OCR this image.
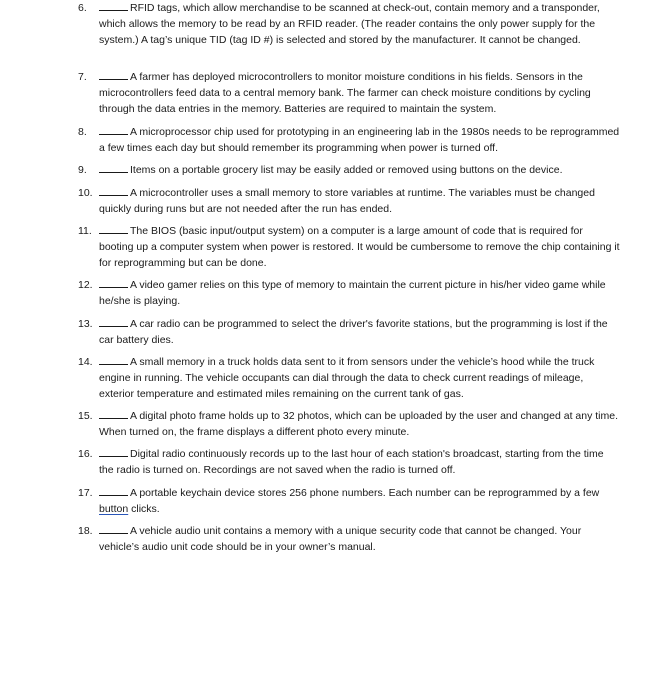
6.	RFID tags, which allow merchandise to be scanned at check-out, contain memory and a transponder, which allows the memory to be read by an RFID reader. (The reader contains the only power supply for the system.) A tag’s unique TID (tag ID #) is selected and stored by the manufacturer. It cannot be changed.
7.	A farmer has deployed microcontrollers to monitor moisture conditions in his fields. Sensors in the microcontrollers feed data to a central memory bank. The farmer can check moisture conditions by cycling through the data entries in the memory. Batteries are required to maintain the system.
8.	A microprocessor chip used for prototyping in an engineering lab in the 1980s needs to be reprogrammed a few times each day but should remember its programming when power is turned off.
9.	Items on a portable grocery list may be easily added or removed using buttons on the device.
10.	A microcontroller uses a small memory to store variables at runtime. The variables must be changed quickly during runs but are not needed after the run has ended.
11.	The BIOS (basic input/output system) on a computer is a large amount of code that is required for booting up a computer system when power is restored. It would be cumbersome to remove the chip containing it for reprogramming but can be done.
12.	A video gamer relies on this type of memory to maintain the current picture in his/her video game while he/she is playing.
13.	A car radio can be programmed to select the driver's favorite stations, but the programming is lost if the car battery dies.
14.	A small memory in a truck holds data sent to it from sensors under the vehicle’s hood while the truck engine in running. The vehicle occupants can dial through the data to check current readings of mileage, exterior temperature and estimated miles remaining on the current tank of gas.
15.	A digital photo frame holds up to 32 photos, which can be uploaded by the user and changed at any time. When turned on, the frame displays a different photo every minute.
16.	Digital radio continuously records up to the last hour of each station's broadcast, starting from the time the radio is turned on. Recordings are not saved when the radio is turned off.
17.	A portable keychain device stores 256 phone numbers. Each number can be reprogrammed by a few button clicks.
18.	A vehicle audio unit contains a memory with a unique security code that cannot be changed. Your vehicle’s audio unit code should be in your owner’s manual.
